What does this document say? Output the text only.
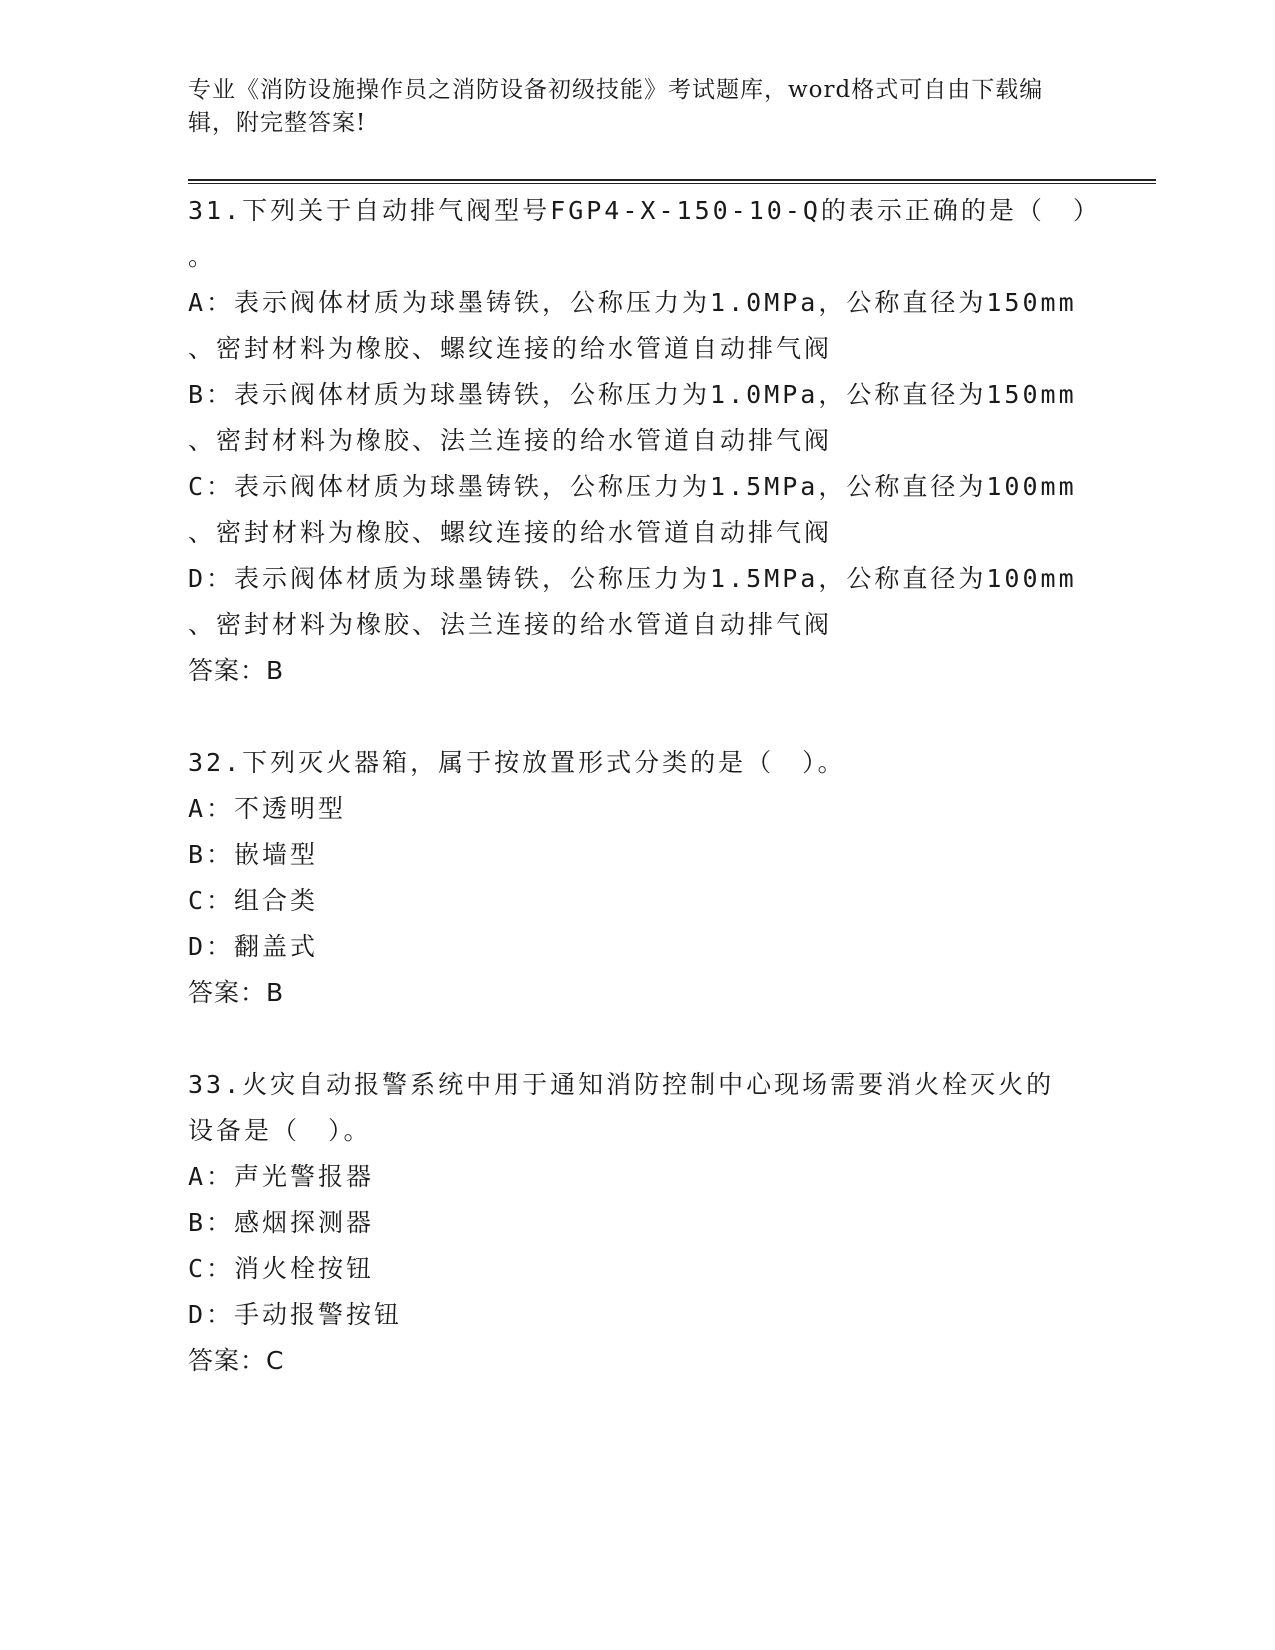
专业《消防设施操作员之消防设备初级技能》考试题库，word格式可自由下载编
辑，附完整答案!
31.下列关于自动排气阀型号FGP4-X-150-10-Q的表示正确的是（　）
。
A：表示阀体材质为球墨铸铁，公称压力为1.0MPa，公称直径为150mm
、密封材料为橡胶、螺纹连接的给水管道自动排气阀
B：表示阀体材质为球墨铸铁，公称压力为1.0MPa，公称直径为150mm
、密封材料为橡胶、法兰连接的给水管道自动排气阀
C：表示阀体材质为球墨铸铁，公称压力为1.5MPa，公称直径为100mm
、密封材料为橡胶、螺纹连接的给水管道自动排气阀
D：表示阀体材质为球墨铸铁，公称压力为1.5MPa，公称直径为100mm
、密封材料为橡胶、法兰连接的给水管道自动排气阀
答案：B
32.下列灭火器箱，属于按放置形式分类的是（　）。
A：不透明型
B：嵌墙型
C：组合类
D：翻盖式
答案：B
33.火灾自动报警系统中用于通知消防控制中心现场需要消火栓灭火的
设备是（　）。
A：声光警报器
B：感烟探测器
C：消火栓按钮
D：手动报警按钮
答案：C
